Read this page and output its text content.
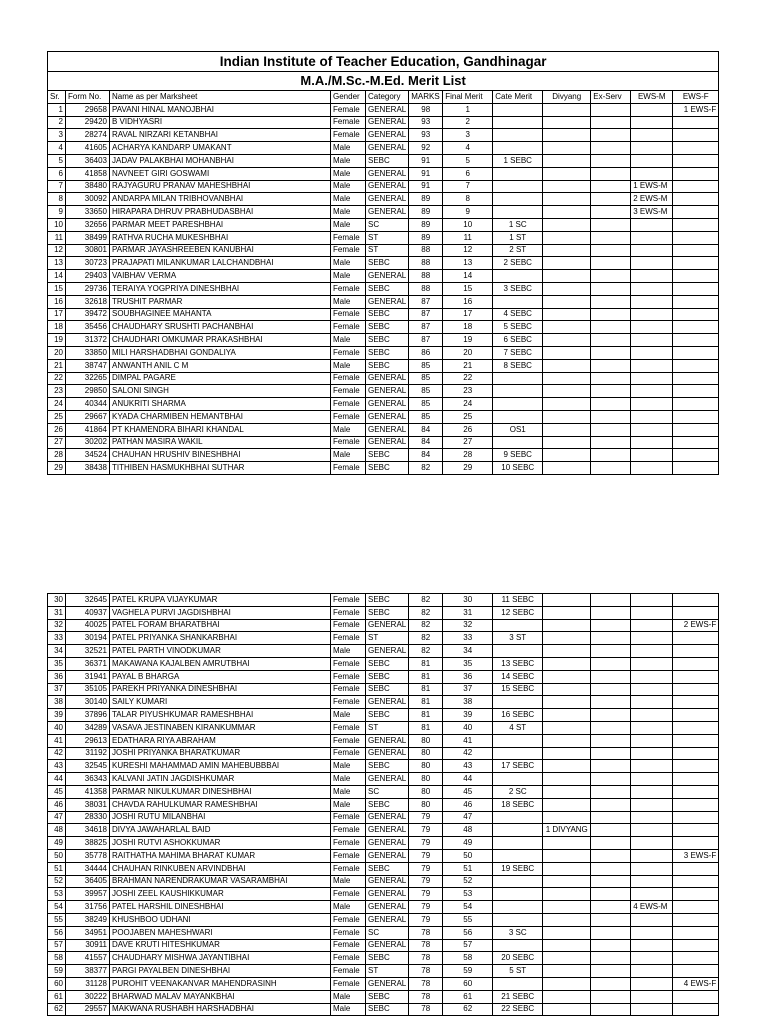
Indian Institute of Teacher Education, Gandhinagar											
M.A./M.Sc.-M.Ed. Merit List											
Sr.	Form No.	Name as per Marksheet	Gender	Category	MARKS	Final Merit	Cate Merit	Divyang	Ex-Serv	EWS-M	EWS-F
1	29658	PAVANI HINAL MANOJBHAI	Female	GENERAL	98	1					1 EWS-F
2	29420	B VIDHYASRI	Female	GENERAL	93	2					
3	28274	RAVAL NIRZARI KETANBHAI	Female	GENERAL	93	3					
4	41605	ACHARYA KANDARP UMAKANT	Male	GENERAL	92	4					
5	36403	JADAV PALAKBHAI MOHANBHAI	Male	SEBC	91	5	1 SEBC				
6	41858	NAVNEET GIRI GOSWAMI	Male	GENERAL	91	6					
7	38480	RAJYAGURU PRANAV MAHESHBHAI	Male	GENERAL	91	7				1 EWS-M	
8	30092	ANDARPA MILAN TRIBHOVANBHAI	Male	GENERAL	89	8				2 EWS-M	
9	33650	HIRAPARA DHRUV PRABHUDASBHAI	Male	GENERAL	89	9				3 EWS-M	
10	32656	PARMAR MEET PARESHBHAI	Male	SC	89	10	1 SC				
11	38499	RATHVA RUCHA MUKESHBHAI	Female	ST	89	11	1 ST				
12	30801	PARMAR JAYASHREEBEN KANUBHAI	Female	ST	88	12	2 ST				
13	30723	PRAJAPATI MILANKUMAR LALCHANDBHAI	Male	SEBC	88	13	2 SEBC				
14	29403	VAIBHAV VERMA	Male	GENERAL	88	14					
15	29736	TERAIYA YOGPRIYA DINESHBHAI	Female	SEBC	88	15	3 SEBC				
16	32618	TRUSHIT PARMAR	Male	GENERAL	87	16					
17	39472	SOUBHAGINEE MAHANTA	Female	SEBC	87	17	4 SEBC				
18	35456	CHAUDHARY SRUSHTI PACHANBHAI	Female	SEBC	87	18	5 SEBC				
19	31372	CHAUDHARI OMKUMAR PRAKASHBHAI	Male	SEBC	87	19	6 SEBC				
20	33850	MILI HARSHADBHAI GONDALIYA	Female	SEBC	86	20	7 SEBC				
21	38747	ANWANTH ANIL C M	Male	SEBC	85	21	8 SEBC				
22	32265	DIMPAL PAGARE	Female	GENERAL	85	22					
23	29850	SALONI SINGH	Female	GENERAL	85	23					
24	40344	ANUKRITI SHARMA	Female	GENERAL	85	24					
25	29667	KYADA CHARMIBEN HEMANTBHAI	Female	GENERAL	85	25					
26	41864	PT KHAMENDRA BIHARI KHANDAL	Male	GENERAL	84	26	OS1				
27	30202	PATHAN MASIRA WAKIL	Female	GENERAL	84	27					
28	34524	CHAUHAN HRUSHIV BINESHBHAI	Male	SEBC	84	28	9 SEBC				
29	38438	TITHIBEN HASMUKHBHAI SUTHAR	Female	SEBC	82	29	10 SEBC				
30	32645	PATEL KRUPA VIJAYKUMAR	Female	SEBC	82	30	11 SEBC				
31	40937	VAGHELA PURVI JAGDISHBHAI	Female	SEBC	82	31	12 SEBC				
32	40025	PATEL FORAM BHARATBHAI	Female	GENERAL	82	32					2 EWS-F
33	30194	PATEL PRIYANKA SHANKARBHAI	Female	ST	82	33	3 ST				
34	32521	PATEL PARTH VINODKUMAR	Male	GENERAL	82	34					
35	36371	MAKAWANA KAJALBEN AMRUTBHAI	Female	SEBC	81	35	13 SEBC				
36	31941	PAYAL B BHARGA	Female	SEBC	81	36	14 SEBC				
37	35105	PAREKH PRIYANKA DINESHBHAI	Female	SEBC	81	37	15 SEBC				
38	30140	SAILY KUMARI	Female	GENERAL	81	38					
39	37896	TALAR PIYUSHKUMAR RAMESHBHAI	Male	SEBC	81	39	16 SEBC				
40	34289	VASAVA JESTINABEN KIRANKUMMAR	Female	ST	81	40	4 ST				
41	29613	EDATHARA RIYA ABRAHAM	Female	GENERAL	80	41					
42	31192	JOSHI PRIYANKA BHARATKUMAR	Female	GENERAL	80	42					
43	32545	KURESHI MAHAMMAD AMIN MAHEBUBBBAI	Male	SEBC	80	43	17 SEBC				
44	36343	KALVANI JATIN JAGDISHKUMAR	Male	GENERAL	80	44					
45	41358	PARMAR NIKULKUMAR DINESHBHAI	Male	SC	80	45	2 SC				
46	38031	CHAVDA RAHULKUMAR RAMESHBHAI	Male	SEBC	80	46	18 SEBC				
47	28330	JOSHI RUTU MILANBHAI	Female	GENERAL	79	47					
48	34618	DIVYA JAWAHARLAL BAID	Female	GENERAL	79	48		1 DIVYANG			
49	38825	JOSHI RUTVI ASHOKKUMAR	Female	GENERAL	79	49					
50	35778	RAITHATHA MAHIMA BHARAT KUMAR	Female	GENERAL	79	50					3 EWS-F
51	34444	CHAUHAN RINKUBEN ARVINDBHAI	Female	SEBC	79	51	19 SEBC				
52	36405	BRAHMAN NARENDRAKUMAR VASARAMBHAI	Male	GENERAL	79	52					
53	39957	JOSHI ZEEL KAUSHIKKUMAR	Female	GENERAL	79	53					
54	31756	PATEL HARSHIL DINESHBHAI	Male	GENERAL	79	54				4 EWS-M	
55	38249	KHUSHBOO UDHANI	Female	GENERAL	79	55					
56	34951	POOJABEN MAHESHWARI	Female	SC	78	56	3 SC				
57	30911	DAVE KRUTI HITESHKUMAR	Female	GENERAL	78	57					
58	41557	CHAUDHARY MISHWA JAYANTIBHAI	Female	SEBC	78	58	20 SEBC				
59	38377	PARGI PAYALBEN DINESHBHAI	Female	ST	78	59	5 ST				
60	31128	PUROHIT VEENAKANVAR MAHENDRASINH	Female	GENERAL	78	60					4 EWS-F
61	30222	BHARWAD MALAV MAYANKBHAI	Male	SEBC	78	61	21 SEBC				
62	29557	MAKWANA RUSHABH HARSHADBHAI	Male	SEBC	78	62	22 SEBC				
